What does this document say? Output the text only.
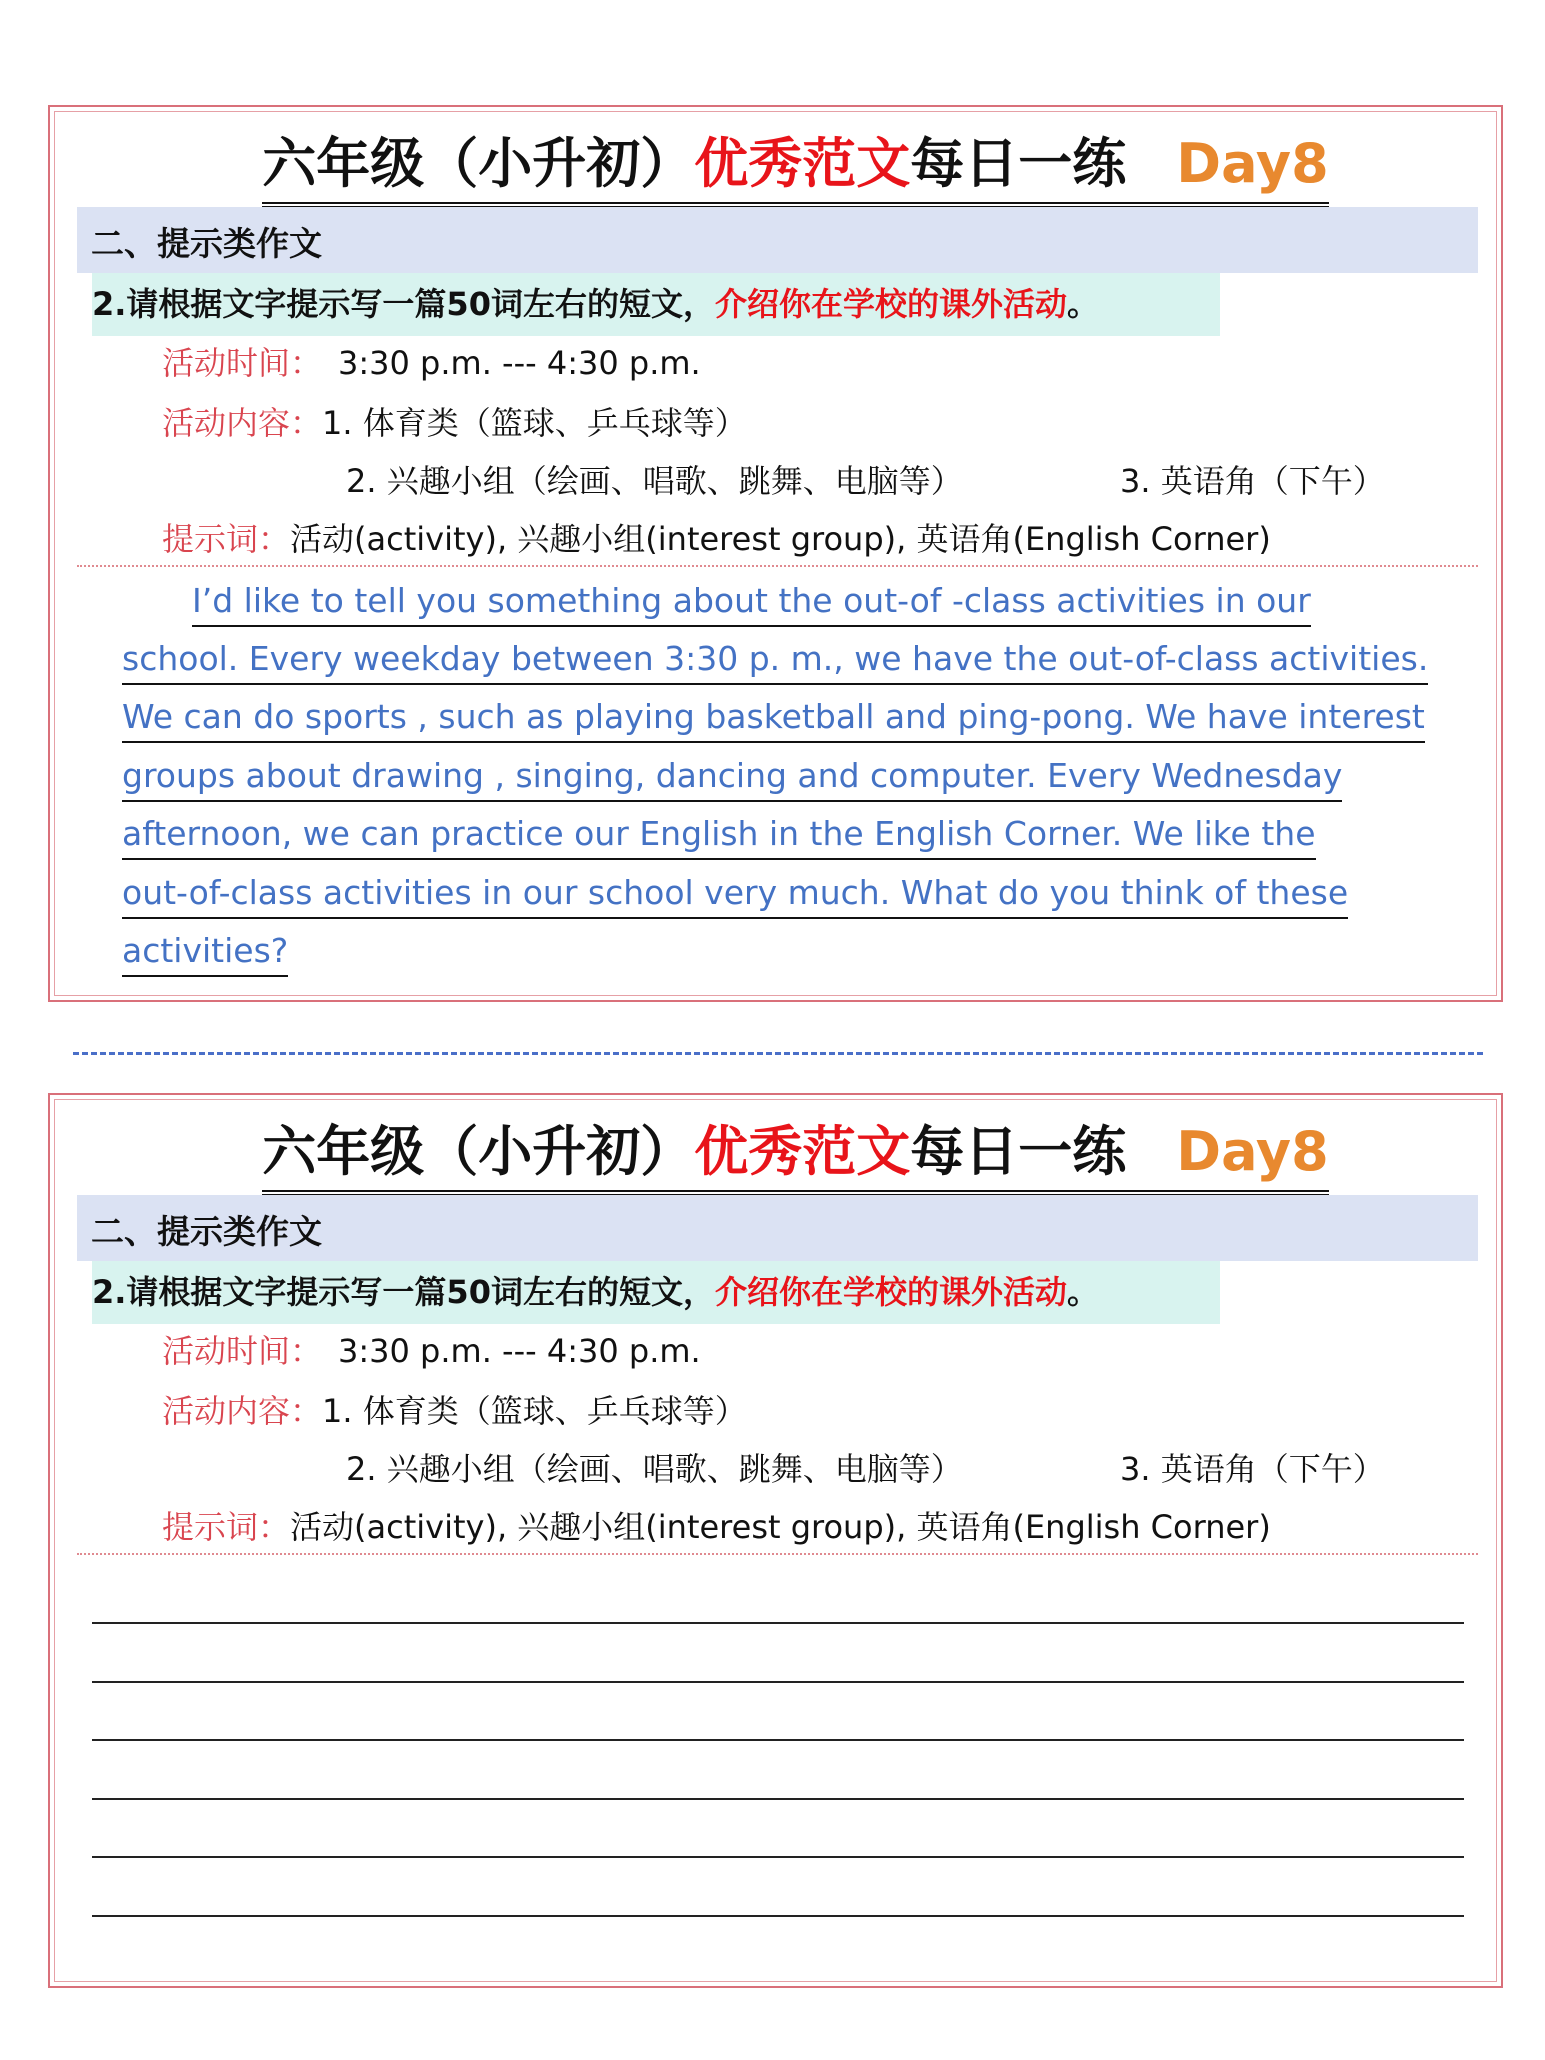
六年级（小升初）优秀范文每日一练 Day8
二、提示类作文
2.请根据文字提示写一篇50词左右的短文，介绍你在学校的课外活动。
活动时间： 3:30 p.m. --- 4:30 p.m.
活动内容：1. 体育类（篮球、乒乓球等）
2. 兴趣小组（绘画、唱歌、跳舞、电脑等）	3. 英语角（下午）
提示词：活动(activity), 兴趣小组(interest group), 英语角(English Corner)
I’d like to tell you something about the out-of -class activities in our
school. Every weekday between 3:30 p. m., we have the out-of-class activities.
We can do sports , such as playing basketball and ping-pong. We have interest
groups about drawing , singing, dancing and computer. Every Wednesday
afternoon, we can practice our English in the English Corner. We like the
out-of-class activities in our school very much. What do you think of these
activities?
六年级（小升初）优秀范文每日一练 Day8
二、提示类作文
2.请根据文字提示写一篇50词左右的短文，介绍你在学校的课外活动。
活动时间： 3:30 p.m. --- 4:30 p.m.
活动内容：1. 体育类（篮球、乒乓球等）
2. 兴趣小组（绘画、唱歌、跳舞、电脑等）	3. 英语角（下午）
提示词：活动(activity), 兴趣小组(interest group), 英语角(English Corner)
